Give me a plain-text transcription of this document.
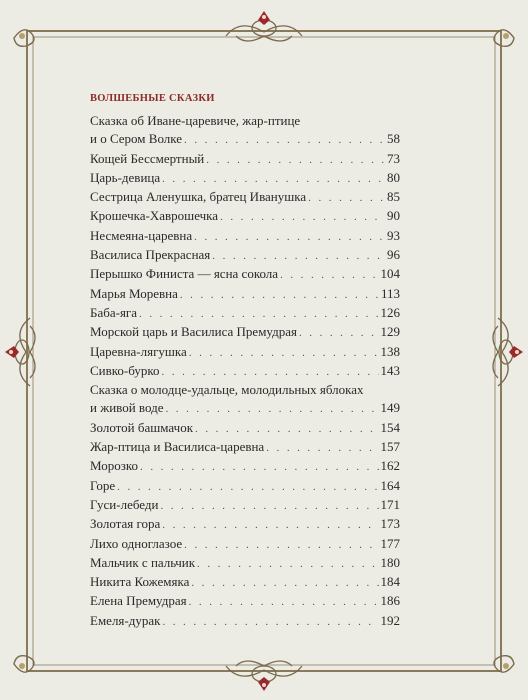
ВОЛШЕБНЫЕ СКАЗКИ
Сказка об Иване-царевиче, жар-птице
и о Сером Волке . . .	58
Кощей Бессмертный . . .	73
Царь-девица . . .	80
Сестрица Аленушка, братец Иванушка . . .	85
Крошечка-Хаврошечка . . .	90
Несмеяна-царевна . . .	93
Василиса Прекрасная . . .	96
Перышко Финиста — ясна сокола . . .	104
Марья Моревна . . .	113
Баба-яга . . .	126
Морской царь и Василиса Премудрая . . .	129
Царевна-лягушка . . .	138
Сивко-бурко . . .	143
Сказка о молодце-удальце, молодильных яблоках
и живой воде . . .	149
Золотой башмачок . . .	154
Жар-птица и Василиса-царевна . . .	157
Морозко . . .	162
Горе . . .	164
Гуси-лебеди . . .	171
Золотая гора . . .	173
Лихо одноглазое . . .	177
Мальчик с пальчик . . .	180
Никита Кожемяка . . .	184
Елена Премудрая . . .	186
Емеля-дурак . . .	192
